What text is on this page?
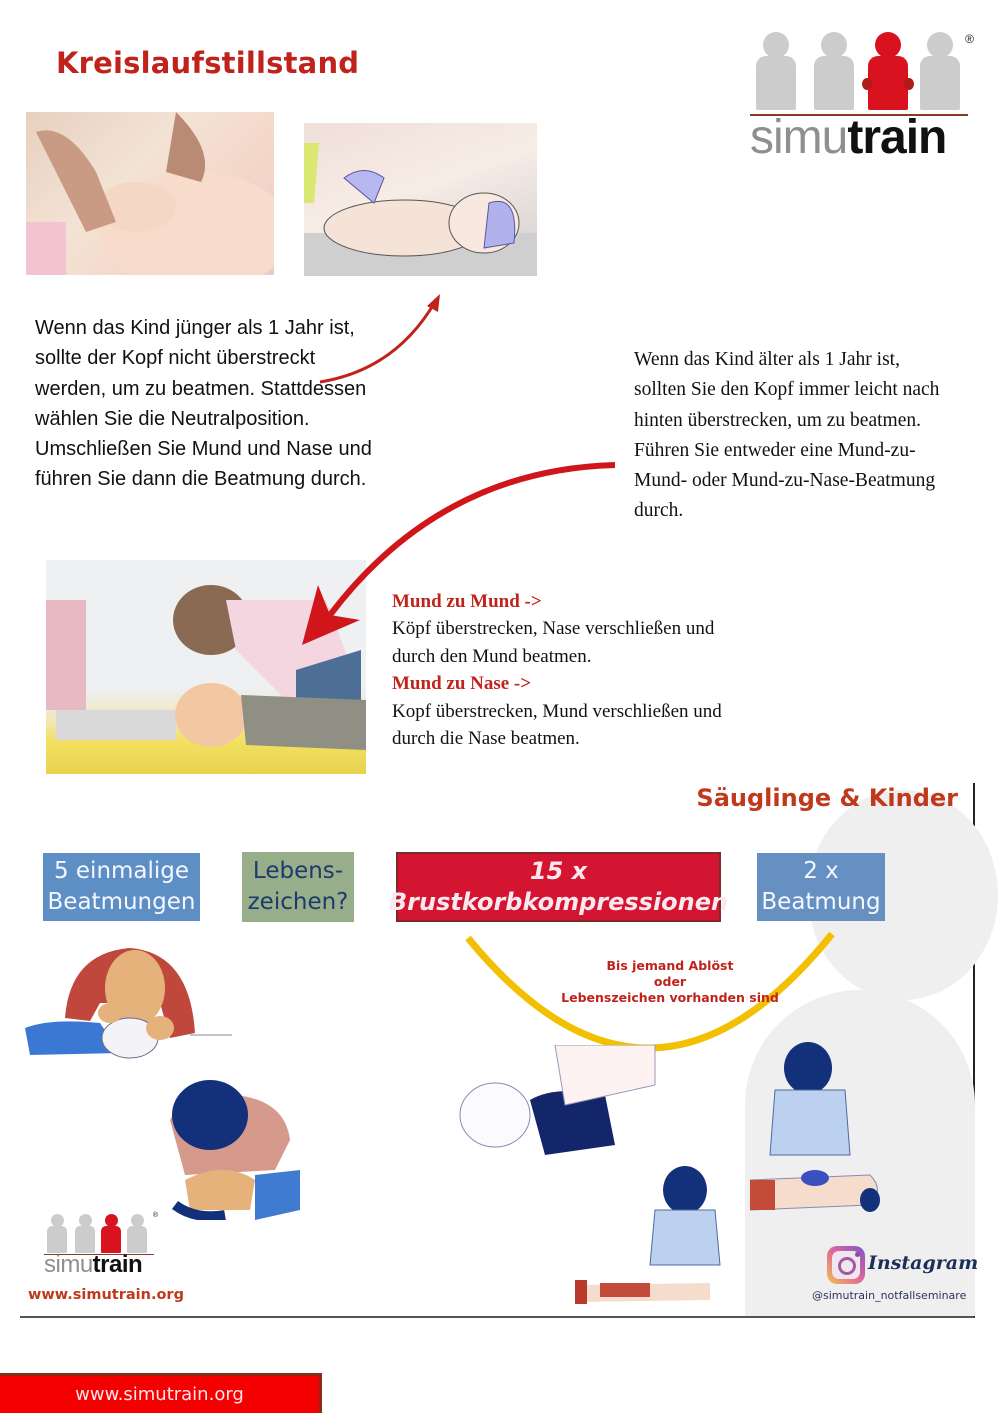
Kreislaufstillstand
®
simutrain
Wenn das Kind jünger als 1 Jahr ist, sollte der Kopf nicht überstreckt werden, um zu beatmen. Stattdessen wählen Sie die Neutralposition. Umschließen Sie Mund und Nase und führen Sie dann die Beatmung durch.
Wenn das Kind älter als 1 Jahr ist, sollten Sie den Kopf immer leicht nach hinten überstrecken, um zu beatmen. Führen Sie entweder eine Mund-zu-Mund- oder Mund-zu-Nase-Beatmung durch.
Mund zu Mund ->
Köpf überstrecken, Nase verschließen und durch den Mund beatmen.
Mund zu Nase ->
Kopf überstrecken, Mund verschließen und durch die Nase beatmen.
Säuglinge & Kinder
5 einmalige
Beatmungen
Lebens-
zeichen?
15 x
Brustkorbkompressionen
2 x
Beatmung
Bis jemand Ablöst
oder
Lebenszeichen vorhanden sind
®
simutrain
www.simutrain.org
Instagram
@simutrain_notfallseminare
www.simutrain.org
